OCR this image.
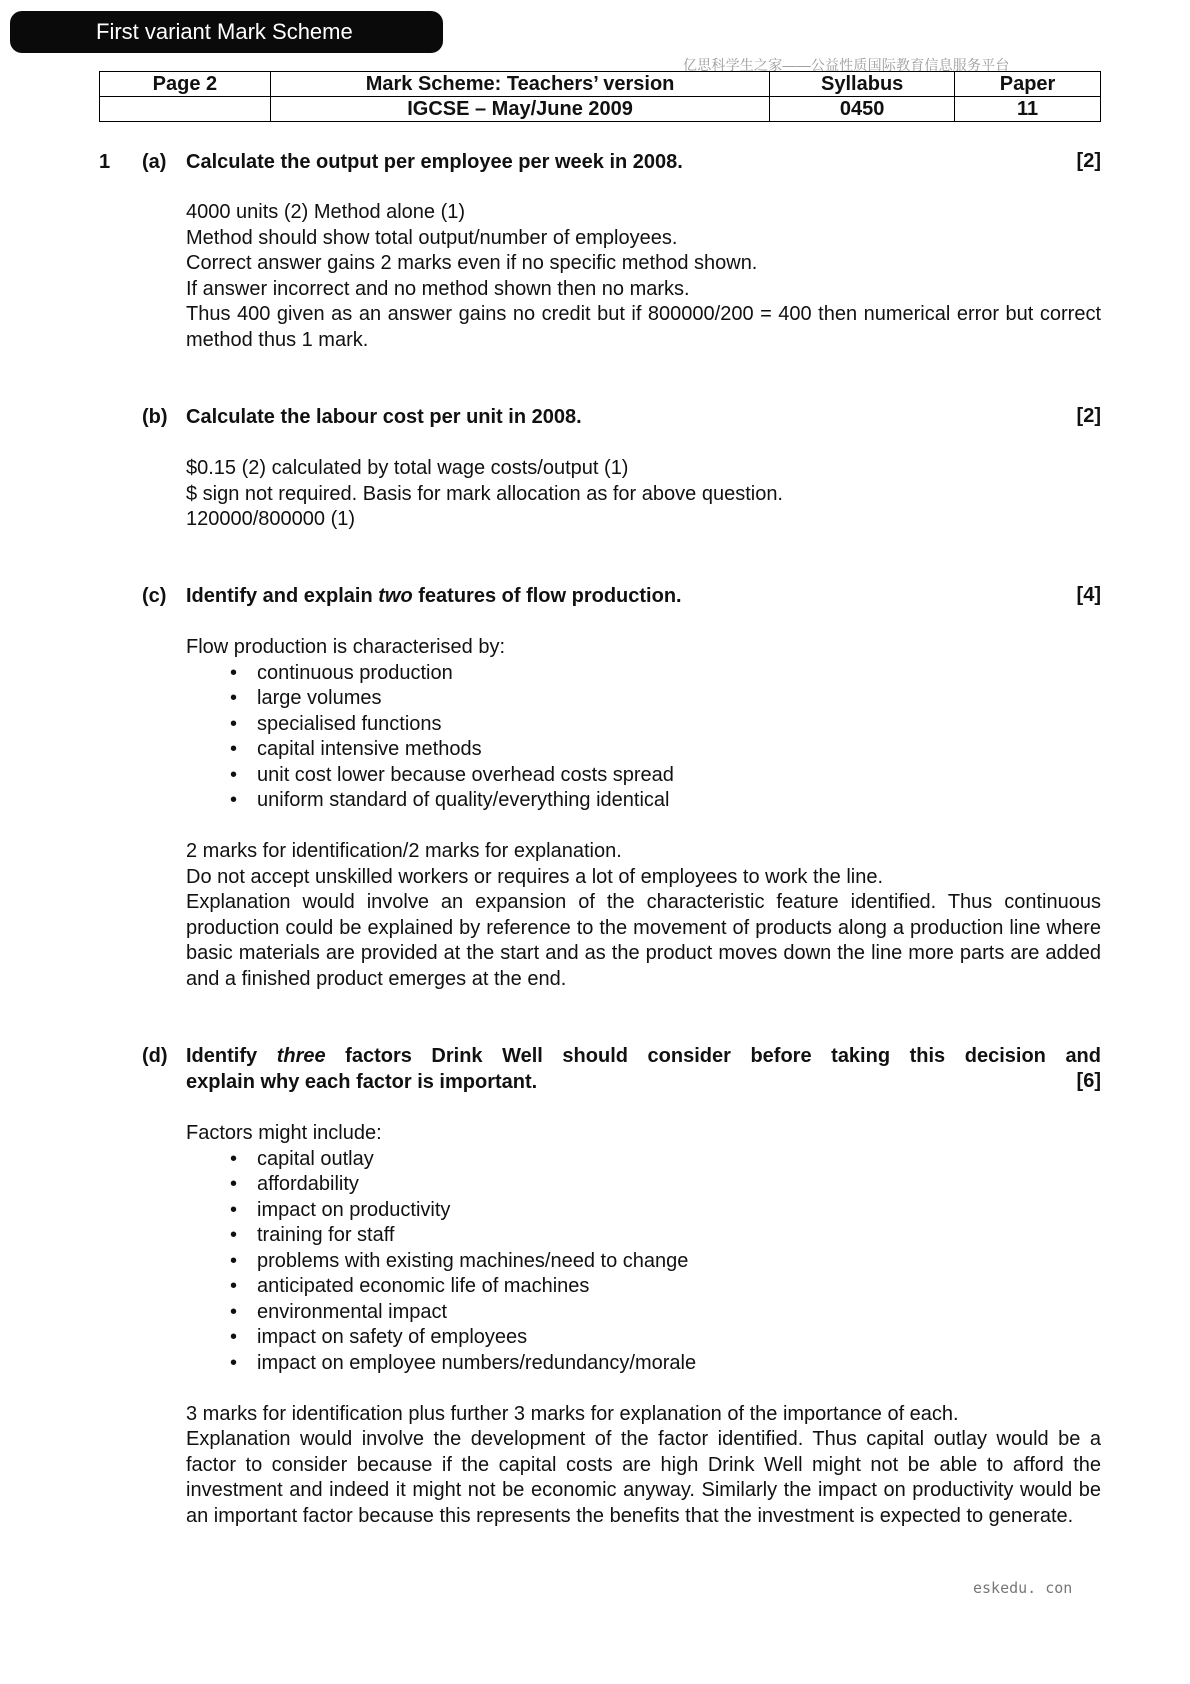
First variant Mark Scheme
亿思科学生之家——公益性质国际教育信息服务平台
Page 2	Mark Scheme: Teachers’ version	Syllabus	Paper
	IGCSE – May/June 2009	0450	11
1 (a) Calculate the output per employee per week in 2008.	[2]

4000 units (2) Method alone (1)

Method should show total output/number of employees.

Correct answer gains 2 marks even if no specific method shown.

If answer incorrect and no method shown then no marks.

Thus 400 given as an answer gains no credit but if 800000/200 = 400 then numerical error but correct method thus 1 mark.

(b) Calculate the labour cost per unit in 2008.	[2]

$0.15 (2) calculated by total wage costs/output (1)

$ sign not required. Basis for mark allocation as for above question.

120000/800000 (1)

(c) Identify and explain two features of flow production.	[4]

Flow production is characterised by:

• continuous production
• large volumes
• specialised functions
• capital intensive methods
• unit cost lower because overhead costs spread
• uniform standard of quality/everything identical

2 marks for identification/2 marks for explanation.

Do not accept unskilled workers or requires a lot of employees to work the line.

Explanation would involve an expansion of the characteristic feature identified. Thus continuous production could be explained by reference to the movement of products along a production line where basic materials are provided at the start and as the product moves down the line more parts are added and a finished product emerges at the end.

(d) Identify three factors Drink Well should consider before taking this decision and

explain why each factor is important.	[6]

Factors might include:

• capital outlay
• affordability
• impact on productivity
• training for staff
• problems with existing machines/need to change
• anticipated economic life of machines
• environmental impact
• impact on safety of employees
• impact on employee numbers/redundancy/morale

3 marks for identification plus further 3 marks for explanation of the importance of each.

Explanation would involve the development of the factor identified. Thus capital outlay would be a factor to consider because if the capital costs are high Drink Well might not be able to afford the investment and indeed it might not be economic anyway. Similarly the impact on productivity would be an important factor because this represents the benefits that the investment is expected to generate.

eskedu. con
